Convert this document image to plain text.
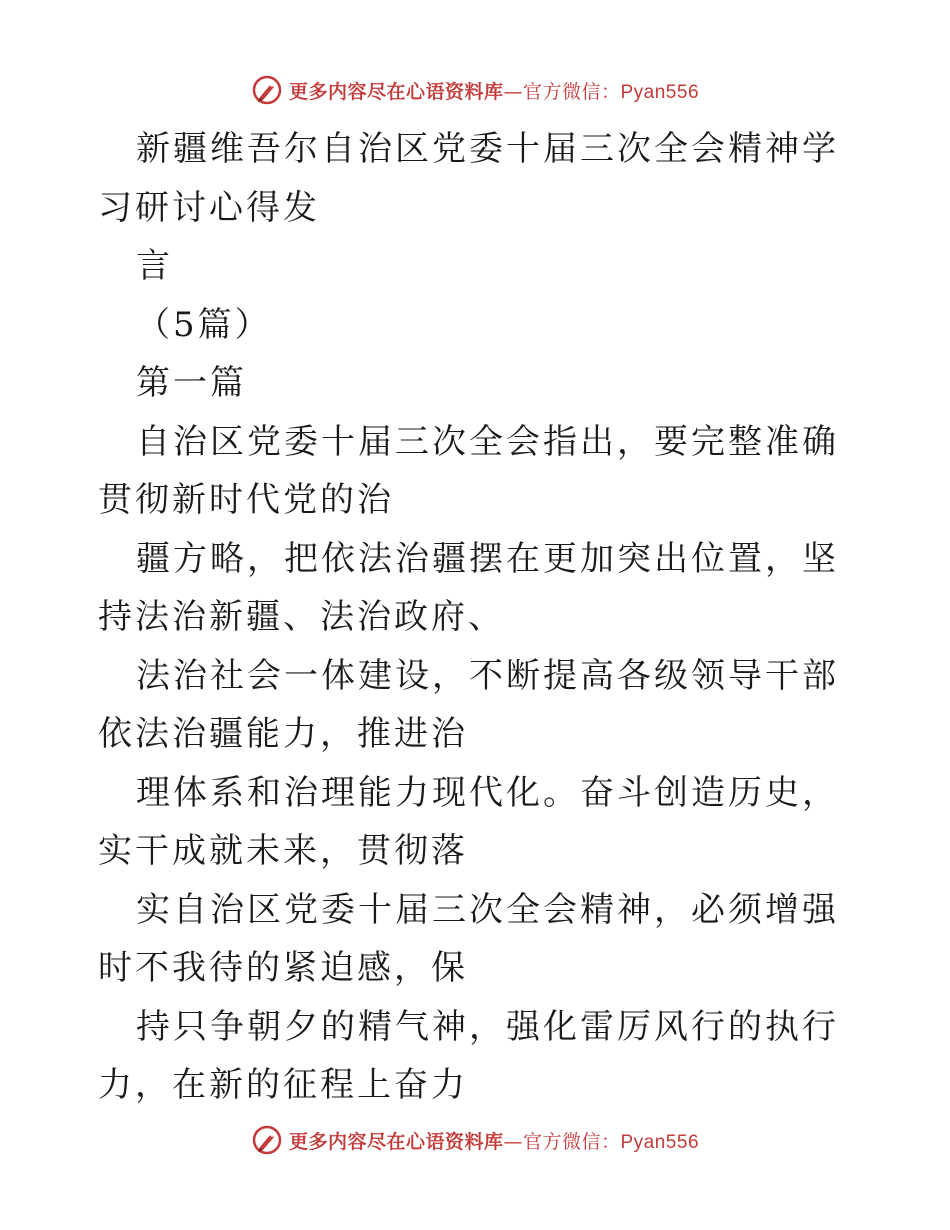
更多内容尽在心语资料库—官方微信：Pyan556

新疆维吾尔自治区党委十届三次全会精神学习研讨心得发

言

（5篇）

第一篇

自治区党委十届三次全会指出，要完整准确贯彻新时代党的治

疆方略，把依法治疆摆在更加突出位置，坚持法治新疆、法治政府、

法治社会一体建设，不断提高各级领导干部依法治疆能力，推进治

理体系和治理能力现代化。奋斗创造历史，实干成就未来，贯彻落

实自治区党委十届三次全会精神，必须增强时不我待的紧迫感，保

持只争朝夕的精气神，强化雷厉风行的执行力，在新的征程上奋力

更多内容尽在心语资料库—官方微信：Pyan556
